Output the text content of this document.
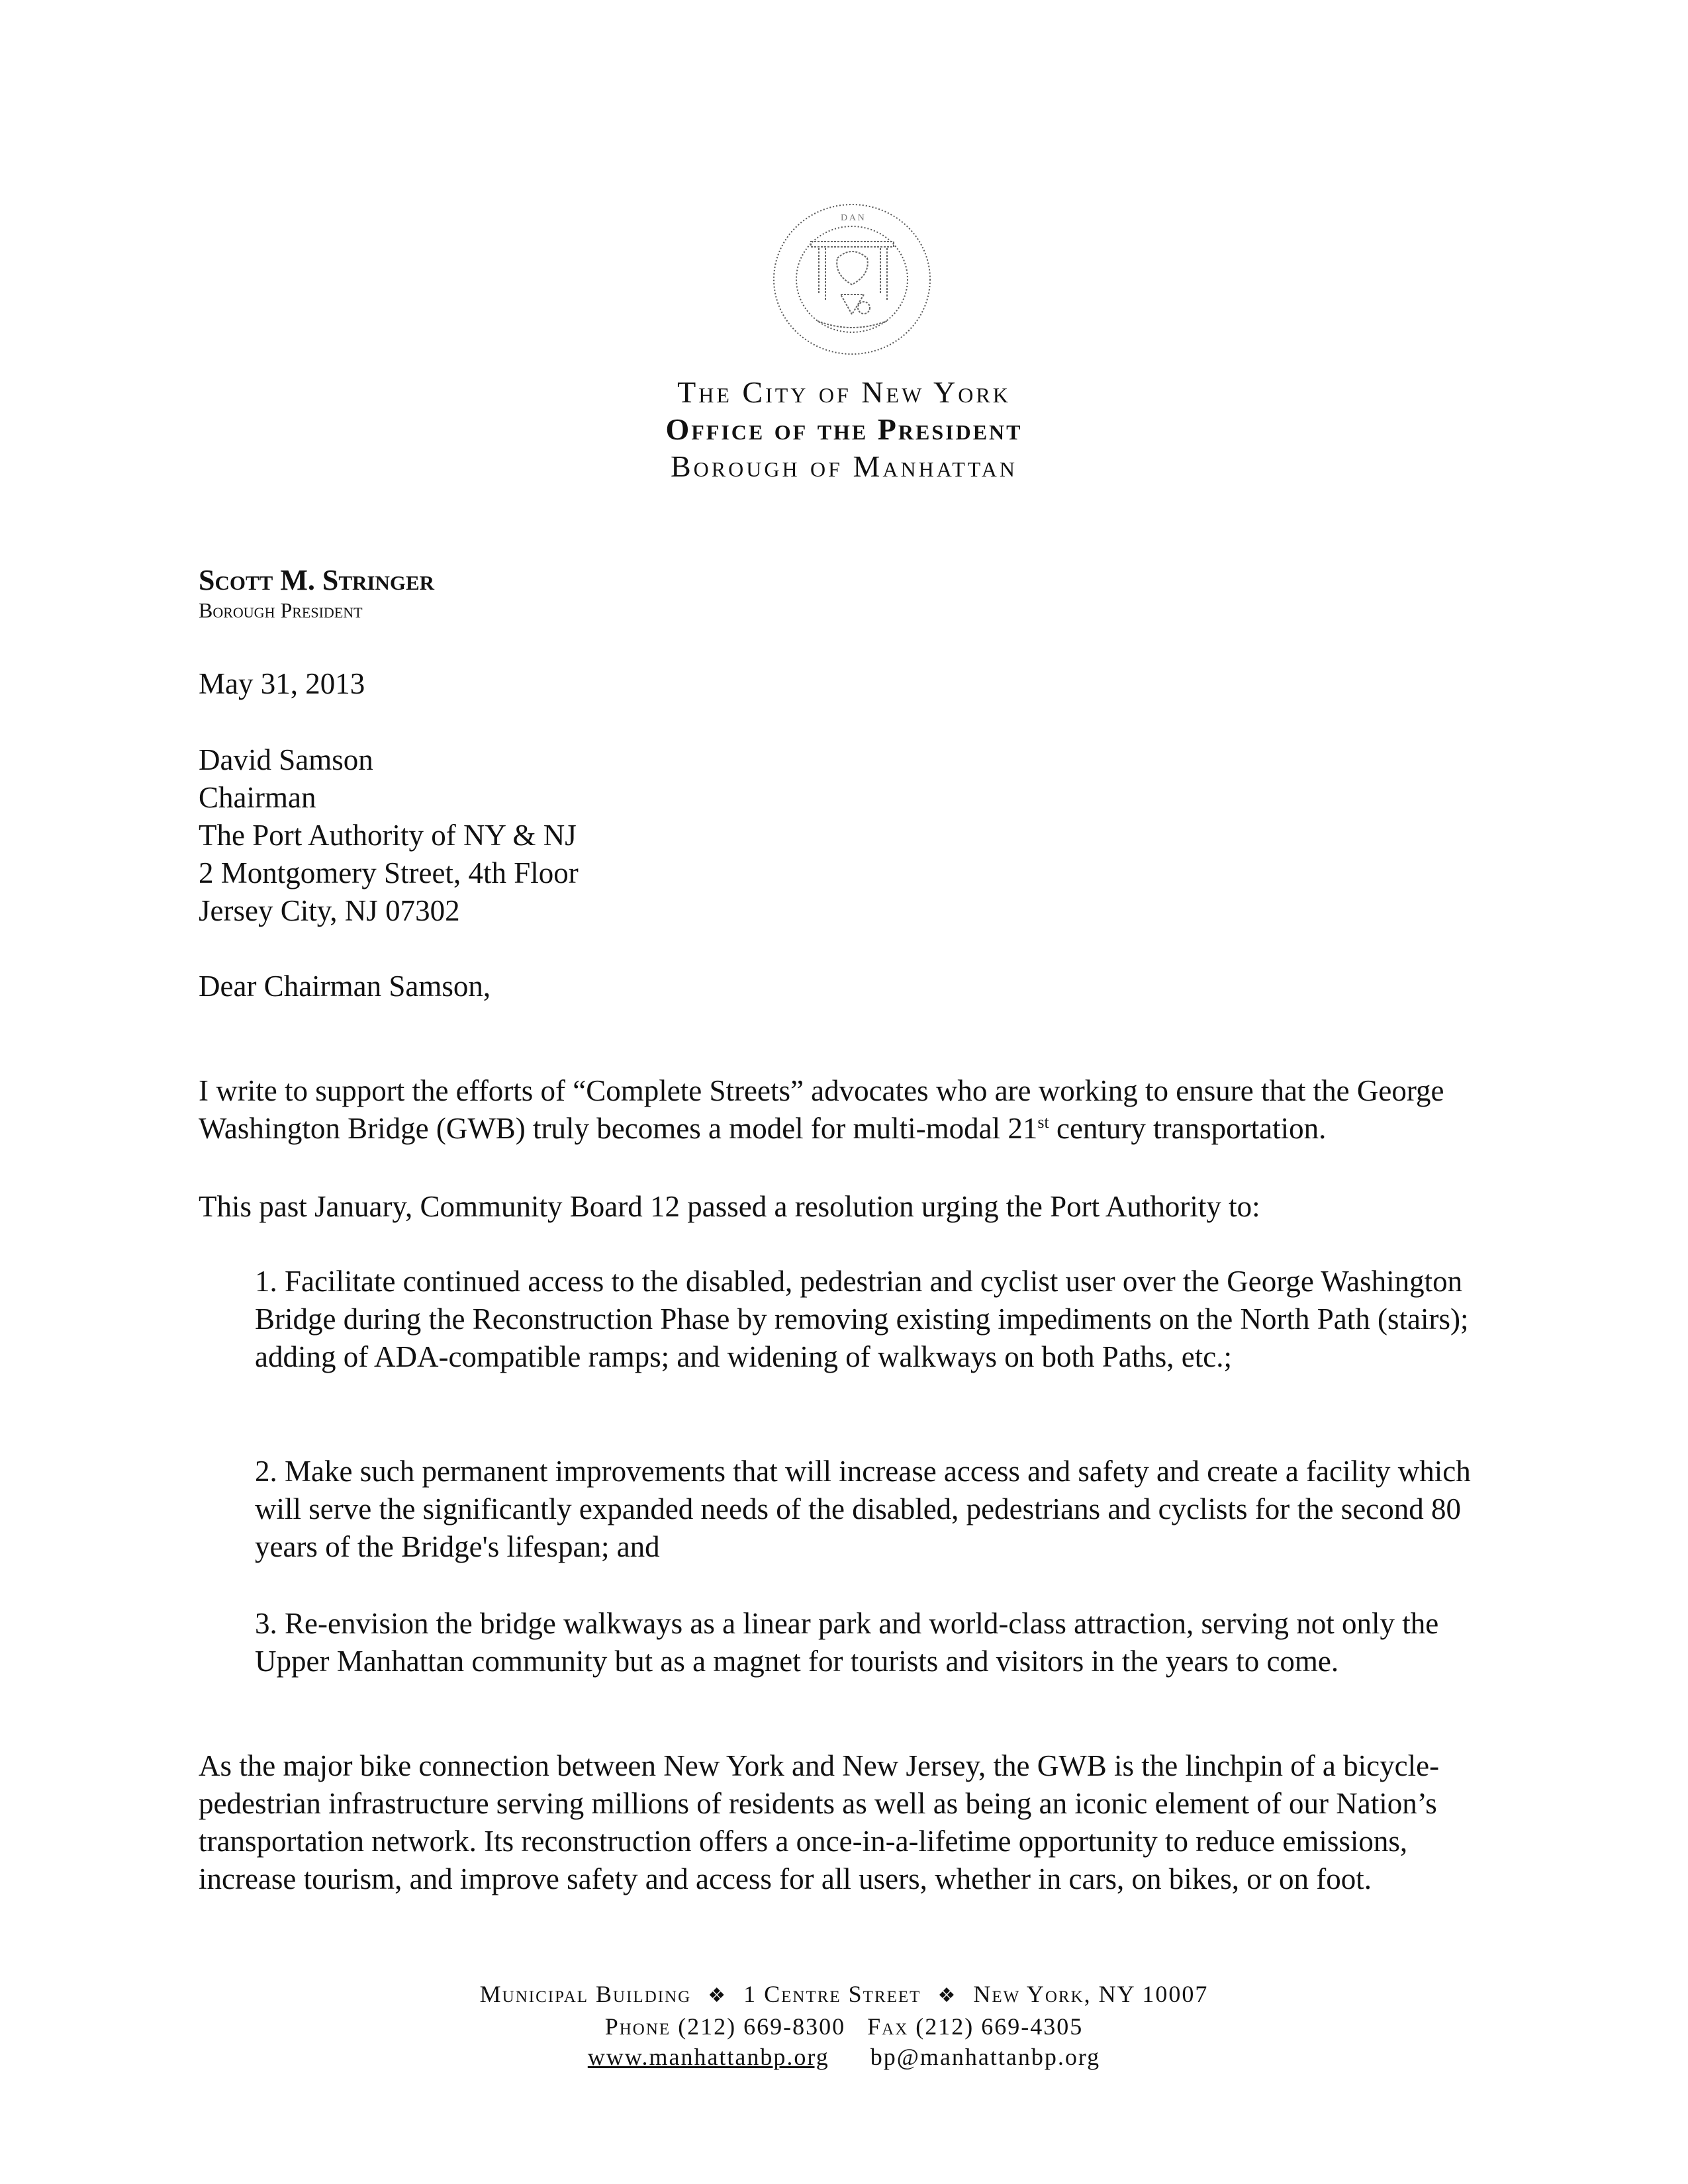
D A N
The City of New York
Office of the President
Borough of Manhattan
Scott M. Stringer
Borough President
May 31, 2013
David Samson
Chairman
The Port Authority of NY & NJ
2 Montgomery Street, 4th Floor
Jersey City, NJ 07302
Dear Chairman Samson,
I write to support the efforts of “Complete Streets” advocates who are working to ensure that the George Washington Bridge (GWB) truly becomes a model for multi-modal 21st century transportation.
This past January, Community Board 12 passed a resolution urging the Port Authority to:
1. Facilitate continued access to the disabled, pedestrian and cyclist user over the George Washington Bridge during the Reconstruction Phase by removing existing impediments on the North Path (stairs); adding of ADA-compatible ramps; and widening of walkways on both Paths, etc.;
2. Make such permanent improvements that will increase access and safety and create a facility which will serve the significantly expanded needs of the disabled, pedestrians and cyclists for the second 80 years of the Bridge's lifespan; and
3. Re-envision the bridge walkways as a linear park and world-class attraction, serving not only the Upper Manhattan community but as a magnet for tourists and visitors in the years to come.
As the major bike connection between New York and New Jersey, the GWB is the linchpin of a bicycle-pedestrian infrastructure serving millions of residents as well as being an iconic element of our Nation’s transportation network. Its reconstruction offers a once-in-a-lifetime opportunity to reduce emissions, increase tourism, and improve safety and access for all users, whether in cars, on bikes, or on foot.
Municipal Building ❖ 1 Centre Street ❖ New York, NY 10007
Phone (212) 669-8300 Fax (212) 669-4305
www.manhattanbp.org bp@manhattanbp.org
